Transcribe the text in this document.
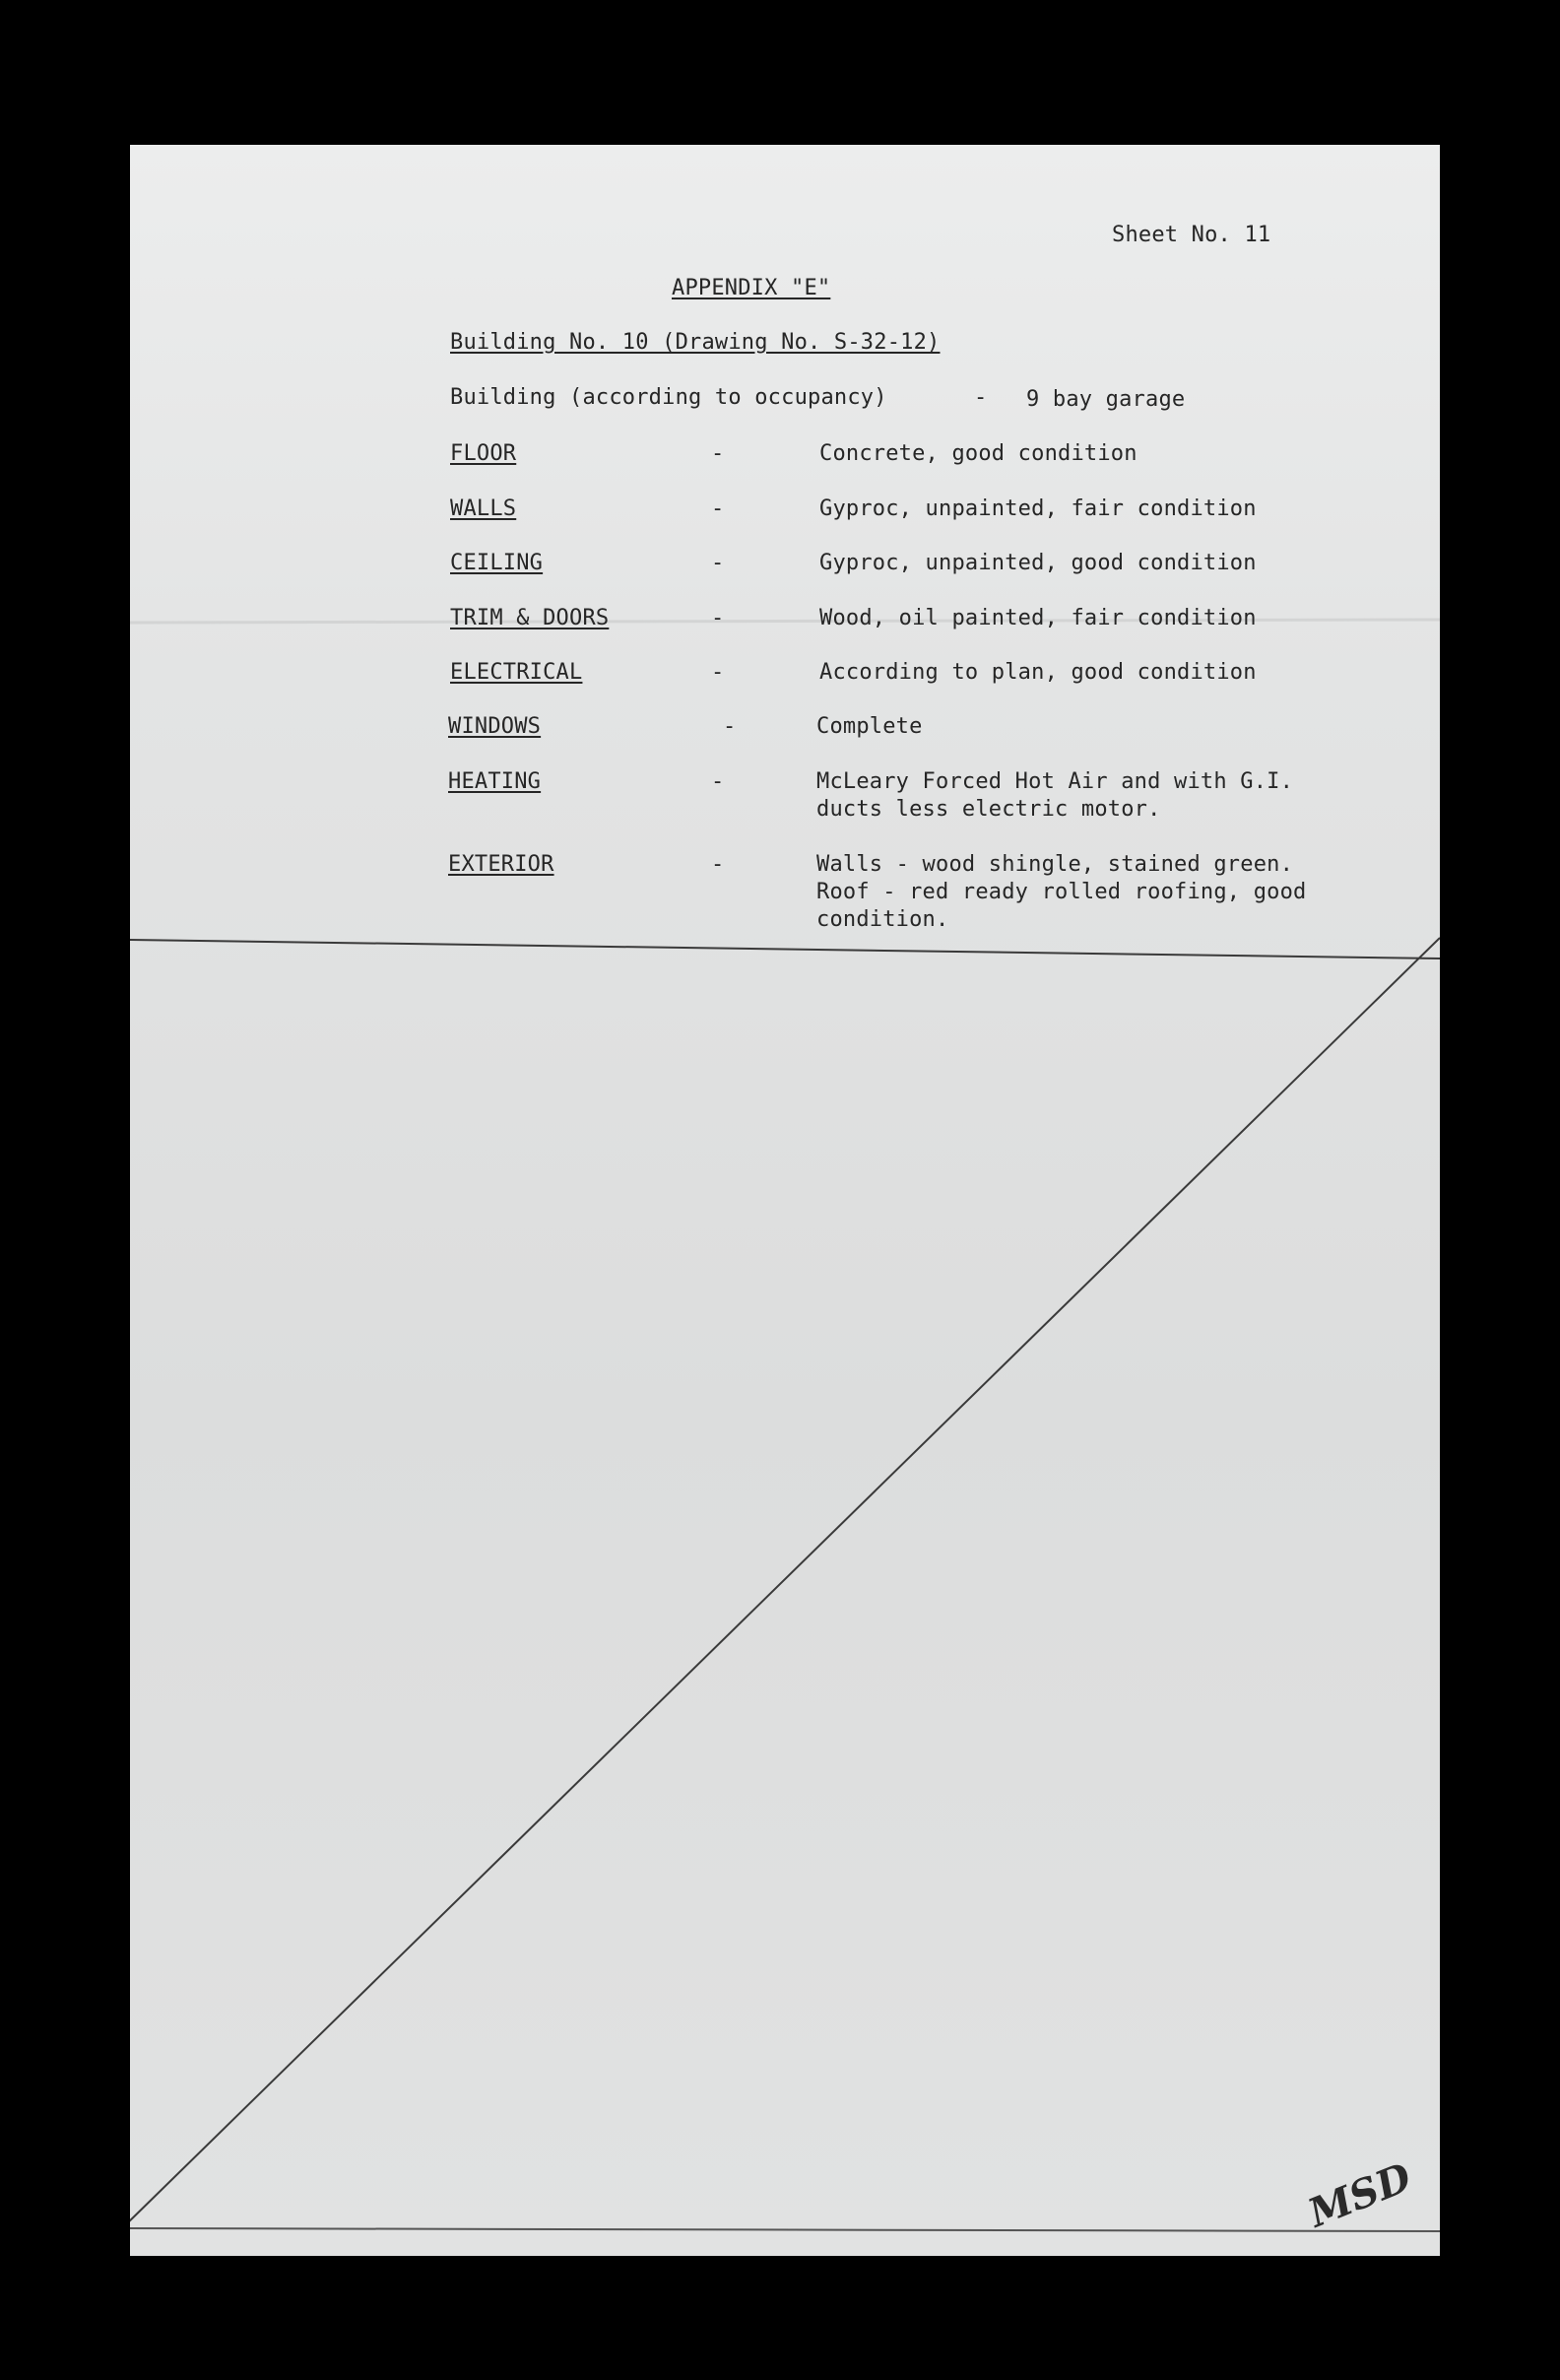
Sheet No. 11
APPENDIX "E"
Building No. 10 (Drawing No. S-32-12)
Building (according to occupancy)	- 9 bay garage
FLOOR	-	Concrete, good condition
WALLS	-	Gyproc, unpainted, fair condition
CEILING	-	Gyproc, unpainted, good condition
TRIM & DOORS	-	Wood, oil painted, fair condition
ELECTRICAL	-	According to plan, good condition
WINDOWS	-	Complete
HEATING	-	McLeary Forced Hot Air and with G.I.
ducts less electric motor.
EXTERIOR	-	Walls - wood shingle, stained green.
Roof - red ready rolled roofing, good
condition.
MSD
